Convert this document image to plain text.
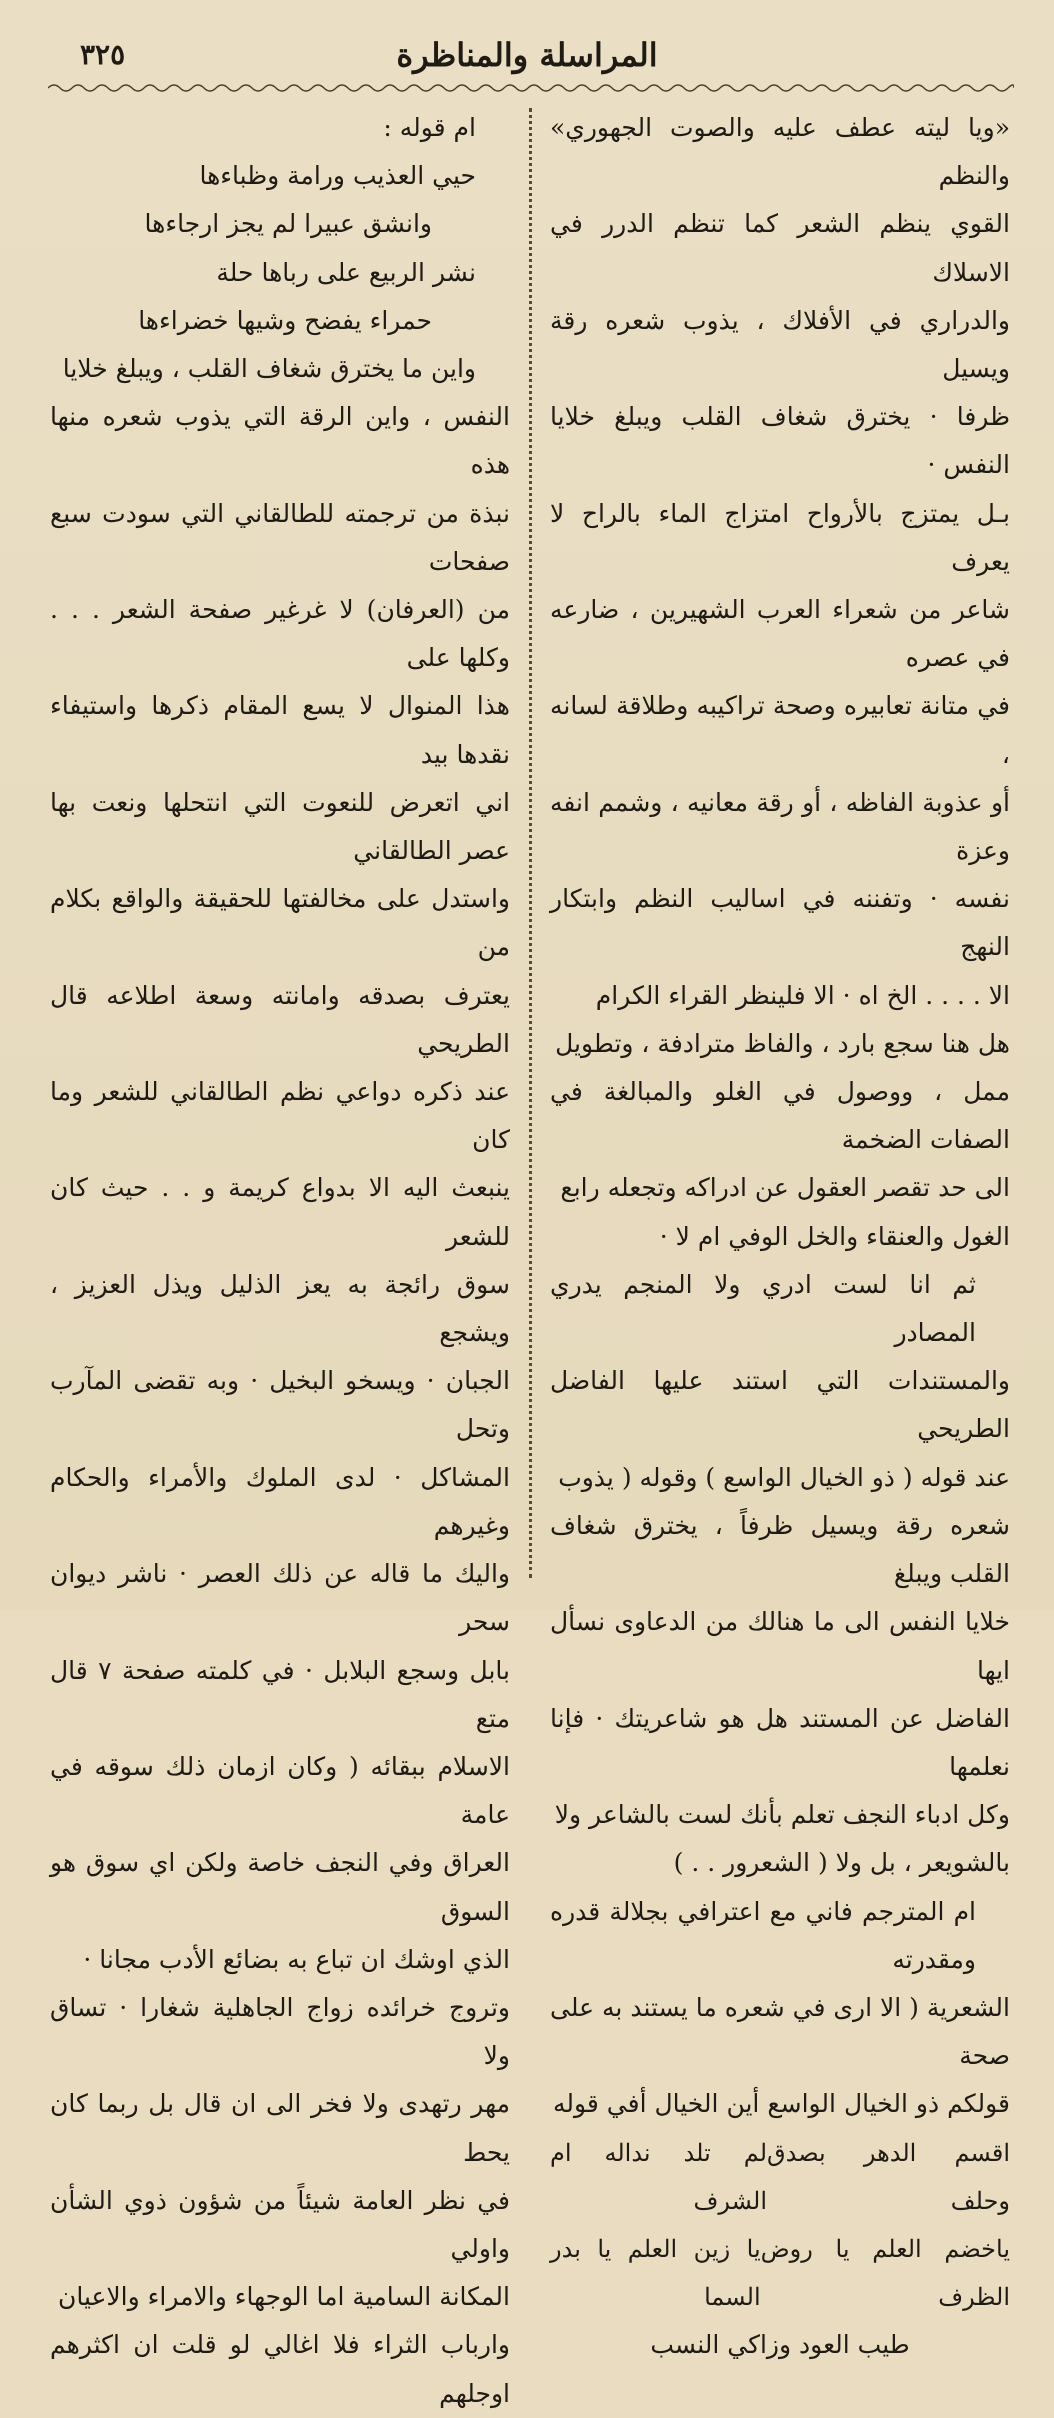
المراسلة والمناظرة
٣٢٥

«ويا ليته عطف عليه والصوت الجهوري» والنظم

القوي ينظم الشعر كما تنظم الدرر في الاسلاك

والدراري في الأفلاك ، يذوب شعره رقة ويسيل

ظرفا · يخترق شغاف القلب ويبلغ خلايا النفس ·

بـل يمتزج بالأرواح امتزاج الماء بالراح لا يعرف

شاعر من شعراء العرب الشهيرين ، ضارعه في عصره

في متانة تعابيره وصحة تراكيبه وطلاقة لسانه ،

أو عذوبة الفاظه ، أو رقة معانيه ، وشمم انفه وعزة

نفسه · وتفننه في اساليب النظم وابتكار النهج

الا . . . . الخ اه · الا فلينظر القراء الكرام

هل هنا سجع بارد ، والفاظ مترادفة ، وتطويل

ممل ، ووصول في الغلو والمبالغة في الصفات الضخمة

الى حد تقصر العقول عن ادراكه وتجعله رابع

الغول والعنقاء والخل الوفي ام لا ·

ثم انا لست ادري ولا المنجم يدري المصادر

والمستندات التي استند عليها الفاضل الطريحي

عند قوله ( ذو الخيال الواسع ) وقوله ( يذوب

شعره رقة ويسيل ظرفاً ، يخترق شغاف القلب ويبلغ

خلايا النفس الى ما هنالك من الدعاوى نسأل ايها

الفاضل عن المستند هل هو شاعريتك · فإنا نعلمها

وكل ادباء النجف تعلم بأنك لست بالشاعر ولا

بالشويعر ، بل ولا ( الشعرور . . )

ام المترجم فاني مع اعترافي بجلالة قدره ومقدرته

الشعرية ( الا ارى في شعره ما يستند به على صحة

قولكم ذو الخيال الواسع أين الخيال أفي قوله

اقسم الدهر بصدق وحلف
لم تلد نداله ام الشرف
ياخضم العلم يا روض الظرف
يا زين العلم يا بدر السما

طيب العود وزاكي النسب

ام قوله :

حيي العذيب ورامة وظباءها

وانشق عبيرا لم يجز ارجاءها

نشر الربيع على رباها حلة

حمراء يفضح وشيها خضراءها

واين ما يخترق شغاف القلب ، ويبلغ خلايا

النفس ، واين الرقة التي يذوب شعره منها هذه

نبذة من ترجمته للطالقاني التي سودت سبع صفحات

من (العرفان) لا غرغير صفحة الشعر . . . وكلها على

هذا المنوال لا يسع المقام ذكرها واستيفاء نقدها بيد

اني اتعرض للنعوت التي انتحلها ونعت بها عصر الطالقاني

واستدل على مخالفتها للحقيقة والواقع بكلام من

يعترف بصدقه وامانته وسعة اطلاعه قال الطريحي

عند ذكره دواعي نظم الطالقاني للشعر وما كان

ينبعث اليه الا بدواع كريمة و . . حيث كان للشعر

سوق رائجة به يعز الذليل ويذل العزيز ، ويشجع

الجبان · ويسخو البخيل · وبه تقضى المآرب وتحل

المشاكل · لدى الملوك والأمراء والحكام وغيرهم

واليك ما قاله عن ذلك العصر · ناشر ديوان سحر

بابل وسجع البلابل · في كلمته صفحة ٧ قال متع

الاسلام ببقائه ( وكان ازمان ذلك سوقه في عامة

العراق وفي النجف خاصة ولكن اي سوق هو السوق

الذي اوشك ان تباع به بضائع الأدب مجانا ·

وتروج خرائده زواج الجاهلية شغارا · تساق ولا

مهر رتهدى ولا فخر الى ان قال بل ربما كان يحط

في نظر العامة شيئاً من شؤون ذوي الشأن واولي

المكانة السامية اما الوجهاء والامراء والاعيان

وارباب الثراء فلا اغالي لو قلت ان اكثرهم اوجلهم
